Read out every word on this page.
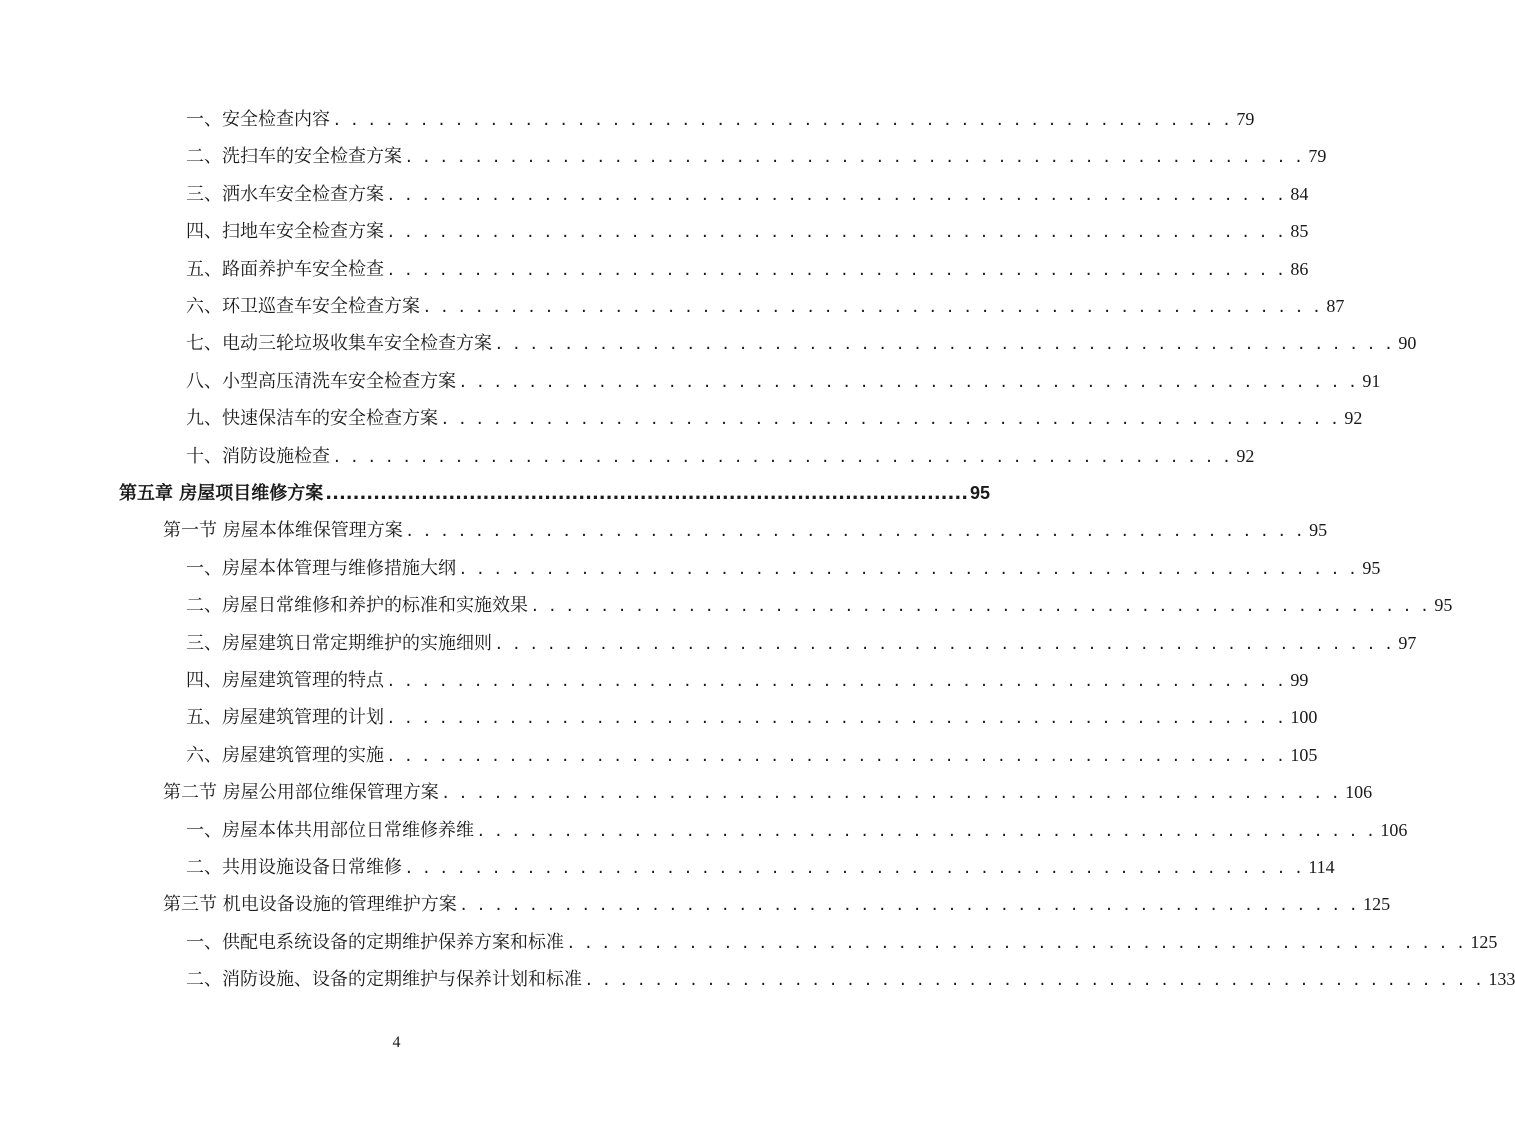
一、安全检查内容 . . . . . . . . . . . . . . . . . . . . . . . . . . . . . . . . . . . . . . . . . . . . . . . . . . . . 79
二、洗扫车的安全检查方案 . . . . . . . . . . . . . . . . . . . . . . . . . . . . . . . . . . . . . . . . . . . . . . . . . . . . 79
三、洒水车安全检查方案 . . . . . . . . . . . . . . . . . . . . . . . . . . . . . . . . . . . . . . . . . . . . . . . . . . . . 84
四、扫地车安全检查方案 . . . . . . . . . . . . . . . . . . . . . . . . . . . . . . . . . . . . . . . . . . . . . . . . . . . . 85
五、路面养护车安全检查 . . . . . . . . . . . . . . . . . . . . . . . . . . . . . . . . . . . . . . . . . . . . . . . . . . . . 86
六、环卫巡查车安全检查方案 . . . . . . . . . . . . . . . . . . . . . . . . . . . . . . . . . . . . . . . . . . . . . . . . . . . . 87
七、电动三轮垃圾收集车安全检查方案 . . . . . . . . . . . . . . . . . . . . . . . . . . . . . . . . . . . . . . . . . . . . . . . . . . . . 90
八、小型高压清洗车安全检查方案 . . . . . . . . . . . . . . . . . . . . . . . . . . . . . . . . . . . . . . . . . . . . . . . . . . . . 91
九、快速保洁车的安全检查方案 . . . . . . . . . . . . . . . . . . . . . . . . . . . . . . . . . . . . . . . . . . . . . . . . . . . . 92
十、消防设施检查 . . . . . . . . . . . . . . . . . . . . . . . . . . . . . . . . . . . . . . . . . . . . . . . . . . . . 92
第五章 房屋项目维修方案 .............................................................................................. 95
第一节 房屋本体维保管理方案 . . . . . . . . . . . . . . . . . . . . . . . . . . . . . . . . . . . . . . . . . . . . . . . . . . . . 95
一、房屋本体管理与维修措施大纲 . . . . . . . . . . . . . . . . . . . . . . . . . . . . . . . . . . . . . . . . . . . . . . . . . . . . 95
二、房屋日常维修和养护的标准和实施效果 . . . . . . . . . . . . . . . . . . . . . . . . . . . . . . . . . . . . . . . . . . . . . . . . . . . . 95
三、房屋建筑日常定期维护的实施细则 . . . . . . . . . . . . . . . . . . . . . . . . . . . . . . . . . . . . . . . . . . . . . . . . . . . . 97
四、房屋建筑管理的特点 . . . . . . . . . . . . . . . . . . . . . . . . . . . . . . . . . . . . . . . . . . . . . . . . . . . . 99
五、房屋建筑管理的计划 . . . . . . . . . . . . . . . . . . . . . . . . . . . . . . . . . . . . . . . . . . . . . . . . . . . . 100
六、房屋建筑管理的实施 . . . . . . . . . . . . . . . . . . . . . . . . . . . . . . . . . . . . . . . . . . . . . . . . . . . . 105
第二节 房屋公用部位维保管理方案 . . . . . . . . . . . . . . . . . . . . . . . . . . . . . . . . . . . . . . . . . . . . . . . . . . . . 106
一、房屋本体共用部位日常维修养维 . . . . . . . . . . . . . . . . . . . . . . . . . . . . . . . . . . . . . . . . . . . . . . . . . . . . 106
二、共用设施设备日常维修 . . . . . . . . . . . . . . . . . . . . . . . . . . . . . . . . . . . . . . . . . . . . . . . . . . . . 114
第三节 机电设备设施的管理维护方案 . . . . . . . . . . . . . . . . . . . . . . . . . . . . . . . . . . . . . . . . . . . . . . . . . . . . 125
一、供配电系统设备的定期维护保养方案和标准 . . . . . . . . . . . . . . . . . . . . . . . . . . . . . . . . . . . . . . . . . . . . . . . . . . . . 125
二、消防设施、设备的定期维护与保养计划和标准 . . . . . . . . . . . . . . . . . . . . . . . . . . . . . . . . . . . . . . . . . . . . . . . . . . . . 133
4
